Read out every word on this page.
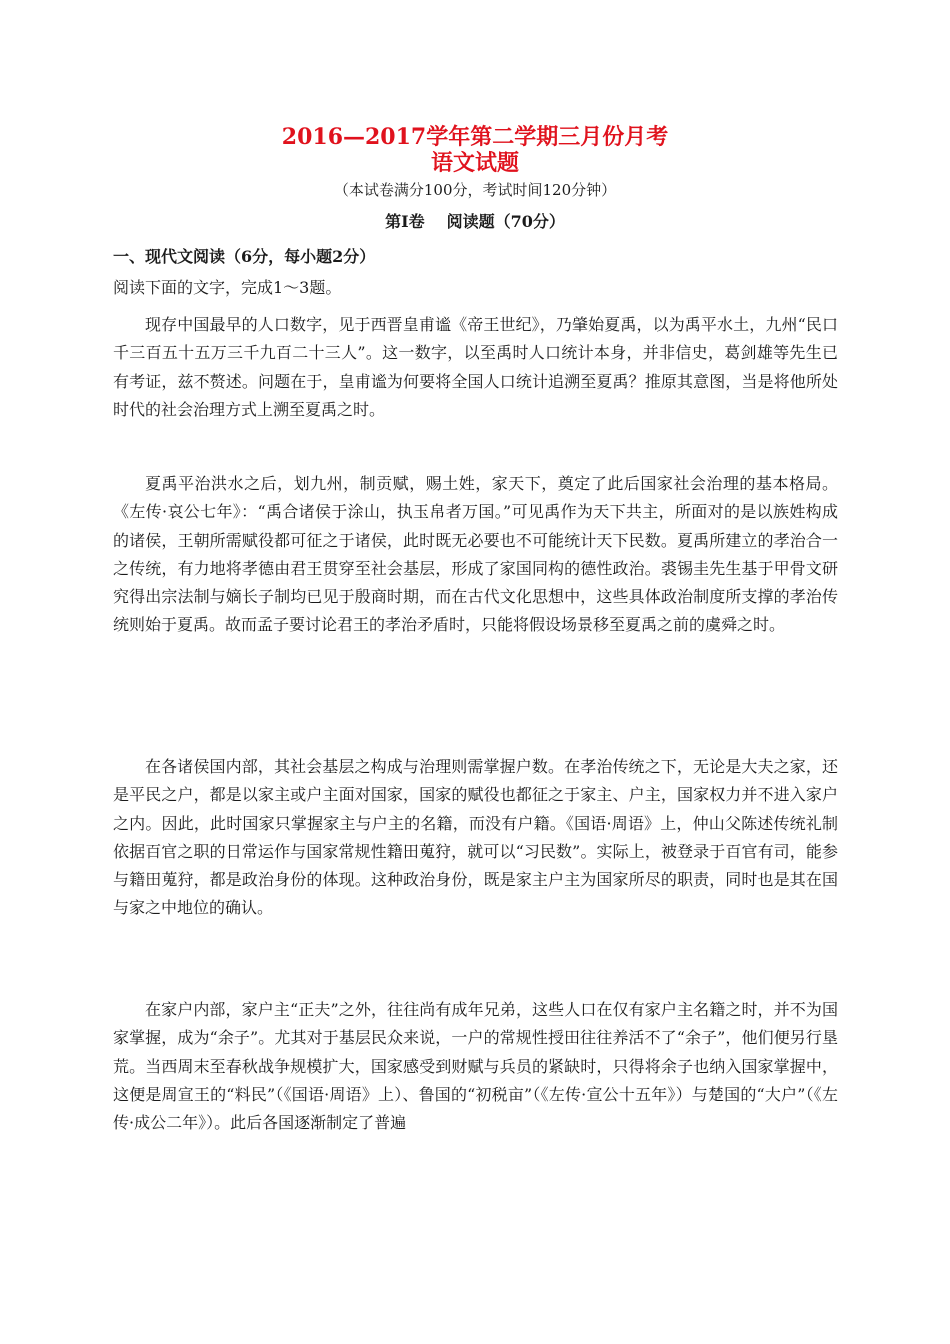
2016—2017学年第二学期三月份月考
语文试题
（本试卷满分100分，考试时间120分钟）
第Ⅰ卷 阅读题（70分）
一、现代文阅读（6分，每小题2分）
阅读下面的文字，完成1～3题。

现存中国最早的人口数字，见于西晋皇甫谧《帝王世纪》，乃肇始夏禹，以为禹平水土，九州“民口千三百五十五万三千九百二十三人”。这一数字，以至禹时人口统计本身，并非信史，葛剑雄等先生已有考证，兹不赘述。问题在于，皇甫谧为何要将全国人口统计追溯至夏禹？推原其意图，当是将他所处时代的社会治理方式上溯至夏禹之时。

夏禹平治洪水之后，划九州，制贡赋，赐土姓，家天下，奠定了此后国家社会治理的基本格局。《左传·哀公七年》：“禹合诸侯于涂山，执玉帛者万国。”可见禹作为天下共主，所面对的是以族姓构成的诸侯，王朝所需赋役都可征之于诸侯，此时既无必要也不可能统计天下民数。夏禹所建立的孝治合一之传统，有力地将孝德由君王贯穿至社会基层，形成了家国同构的德性政治。裘锡圭先生基于甲骨文研究得出宗法制与嫡长子制均已见于殷商时期，而在古代文化思想中，这些具体政治制度所支撑的孝治传统则始于夏禹。故而孟子要讨论君王的孝治矛盾时，只能将假设场景移至夏禹之前的虞舜之时。

在各诸侯国内部，其社会基层之构成与治理则需掌握户数。在孝治传统之下，无论是大夫之家，还是平民之户，都是以家主或户主面对国家，国家的赋役也都征之于家主、户主，国家权力并不进入家户之内。因此，此时国家只掌握家主与户主的名籍，而没有户籍。《国语·周语》上，仲山父陈述传统礼制依据百官之职的日常运作与国家常规性籍田蒐狩，就可以“习民数”。实际上，被登录于百官有司，能参与籍田蒐狩，都是政治身份的体现。这种政治身份，既是家主户主为国家所尽的职责，同时也是其在国与家之中地位的确认。

在家户内部，家户主“正夫”之外，往往尚有成年兄弟，这些人口在仅有家户主名籍之时，并不为国家掌握，成为“余子”。尤其对于基层民众来说，一户的常规性授田往往养活不了“余子”，他们便另行垦荒。当西周末至春秋战争规模扩大，国家感受到财赋与兵员的紧缺时，只得将余子也纳入国家掌握中，这便是周宣王的“料民”（《国语·周语》上）、鲁国的“初税亩”（《左传·宣公十五年》）与楚国的“大户”（《左传·成公二年》）。此后各国逐渐制定了普遍
